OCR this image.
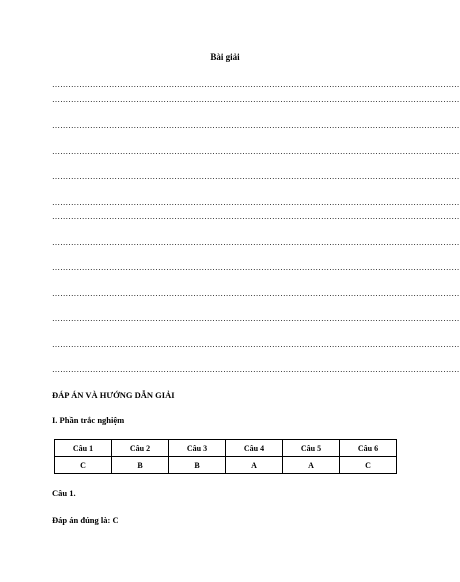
Bài giải
……………………………………………………………………………………………………………………………………
……………………………………………………………………………………………………………………………………
……………………………………………………………………………………………………………………………………
……………………………………………………………………………………………………………………………………
……………………………………………………………………………………………………………………………………
……………………………………………………………………………………………………………………………………
……………………………………………………………………………………………………………………………………
……………………………………………………………………………………………………………………………………
……………………………………………………………………………………………………………………………………
……………………………………………………………………………………………………………………………………
……………………………………………………………………………………………………………………………………
……………………………………………………………………………………………………………………………………
……………………………………………………………………………………………………………………………………
ĐÁP ÁN VÀ HƯỚNG DẪN GIẢI
I. Phần trắc nghiệm
Câu 1	Câu 2	Câu 3	Câu 4	Câu 5	Câu 6
C	B	B	A	A	C
Câu 1.
Đáp án đúng là: C
